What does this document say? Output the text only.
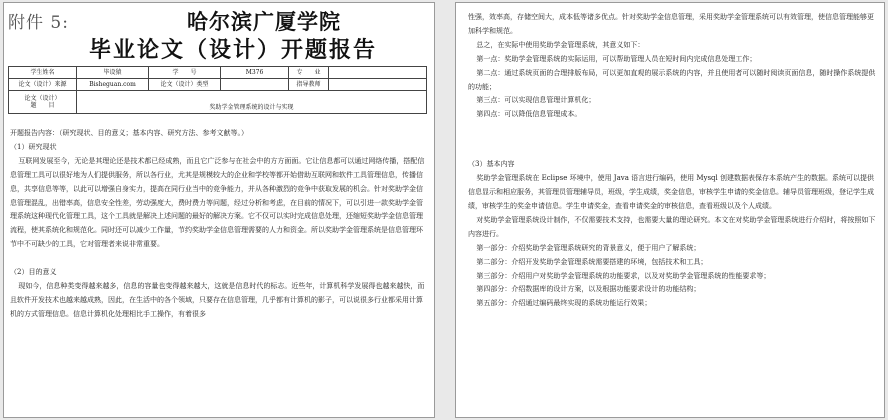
附件 5:	哈尔滨广厦学院
毕业论文（设计）开题报告
学生姓名	毕设猿	学　　号	M376	专　　业	
论文（设计）来源	Bisheguan.com	论文（设计）类型		指导教师	
论文（设计）
题　　目	奖助学金管理系统的设计与实现				

开题报告内容：（研究现状、目的意义；基本内容、研究方法、参考文献等。）

（1）研究现状

互联网发展至今，无论是其理论还是技术都已经成熟，而且它广泛参与在社会中的方方面面。它让信息都可以通过网络传播，搭配信息管理工具可以很好地为人们提供服务，所以各行业，尤其是规模较大的企业和学校等都开始借助互联网和软件工具管理信息，传播信息，共享信息等等，以此可以增强自身实力，提高在同行业当中的竞争能力，并从各种激烈的竞争中获取发展的机会。针对奖助学金信息管理混乱，出错率高，信息安全性差，劳动强度大，费时费力等问题，经过分析和考虑，在目前的情况下，可以引进一款奖助学金管理系统这种现代化管理工具，这个工具就是解决上述问题的最好的解决方案。它不仅可以实时完成信息处理，还缩短奖助学金信息管理流程，使其系统化和规范化。同时还可以减少工作量，节约奖助学金信息管理需要的人力和资金。所以奖助学金管理系统是信息管理环节中不可缺少的工具，它对管理者来说非常重要。

（2）目的意义

现如今，信息种类变得越来越多，信息的容量也变得越来越大，这就是信息时代的标志。近些年，计算机科学发展得也越来越快，而且软件开发技术也越来越成熟，因此，在生活中的各个领域，只要存在信息管理，几乎都有计算机的影子，可以说很多行业都采用计算机的方式管理信息。信息计算机化处理相比手工操作，有着很多

性强，效率高，存储空间大，成本低等诸多优点。针对奖助学金信息管理，采用奖助学金管理系统可以有效管理，使信息管理能够更加科学和规范。

总之，在实际中使用奖助学金管理系统，其意义如下：

第一点：奖助学金管理系统的实际运用，可以帮助管理人员在短时间内完成信息处理工作；

第二点：通过系统页面的合理排版布局，可以更加直观的展示系统的内容，并且使用者可以随时阅读页面信息，随时操作系统提供的功能；

第三点：可以实现信息管理计算机化；

第四点：可以降低信息管理成本。

（3）基本内容

奖助学金管理系统在 Eclipse 环境中，使用 Java 语言进行编码，使用 Mysql 创建数据表保存本系统产生的数据。系统可以提供信息显示和相应服务，其管理员管理辅导员，班级，学生成绩，奖金信息，审核学生申请的奖金信息。辅导员管理班级，登记学生成绩，审核学生的奖金申请信息。学生申请奖金，查看申请奖金的审核信息，查看班级以及个人成绩。

对奖助学金管理系统设计制作，不仅需要技术支持，也需要大量的理论研究。本文在对奖助学金管理系统进行介绍时，将按照如下内容进行。

第一部分：介绍奖助学金管理系统研究的背景意义，便于用户了解系统；

第二部分：介绍开发奖助学金管理系统需要搭建的环境，包括技术和工具；

第三部分：介绍用户对奖助学金管理系统的功能要求，以及对奖助学金管理系统的性能要求等；

第四部分：介绍数据库的设计方案，以及根据功能要求设计的功能结构；

第五部分：介绍通过编码最终实现的系统功能运行效果；
